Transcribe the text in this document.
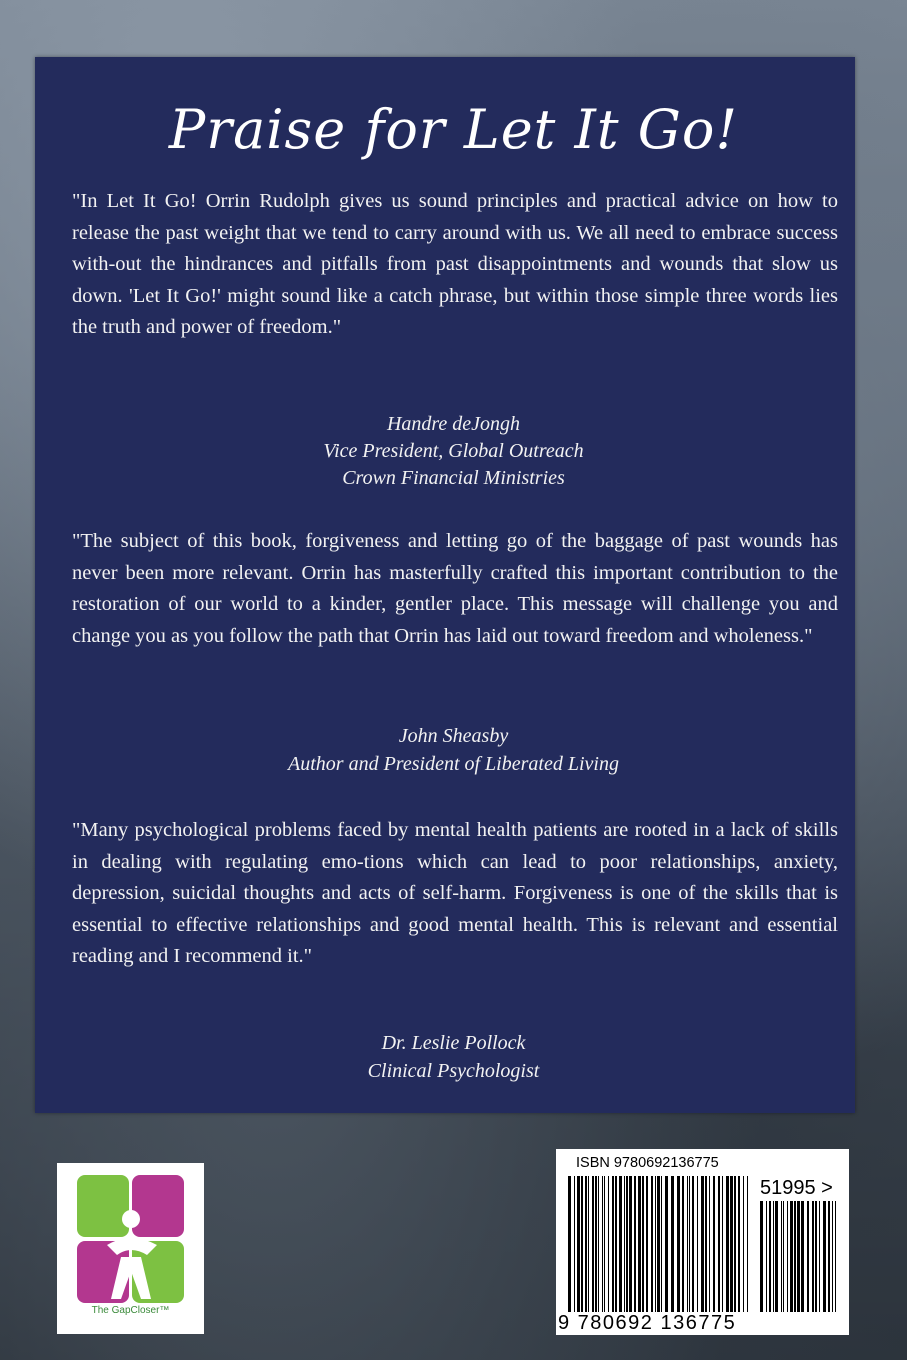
Praise for Let It Go!

"In Let It Go! Orrin Rudolph gives us sound principles and practical advice on how to release the past weight that we tend to carry around with us. We all need to embrace success with-out the hindrances and pitfalls from past disappointments and wounds that slow us down. 'Let It Go!' might sound like a catch phrase, but within those simple three words lies the truth and power of freedom."

Handre deJongh

Vice President, Global Outreach

Crown Financial Ministries

"The subject of this book, forgiveness and letting go of the baggage of past wounds has never been more relevant. Orrin has masterfully crafted this important contribution to the restoration of our world to a kinder, gentler place. This message will challenge you and change you as you follow the path that Orrin has laid out toward freedom and wholeness."

John Sheasby

Author and President of Liberated Living

"Many psychological problems faced by mental health patients are rooted in a lack of skills in dealing with regulating emo-tions which can lead to poor relationships, anxiety, depression, suicidal thoughts and acts of self-harm. Forgiveness is one of the skills that is essential to effective relationships and good mental health. This is relevant and essential reading and I recommend it."

Dr. Leslie Pollock

Clinical Psychologist

The GapCloser™
ISBN 9780692136775
51995 >
9 780692 136775
